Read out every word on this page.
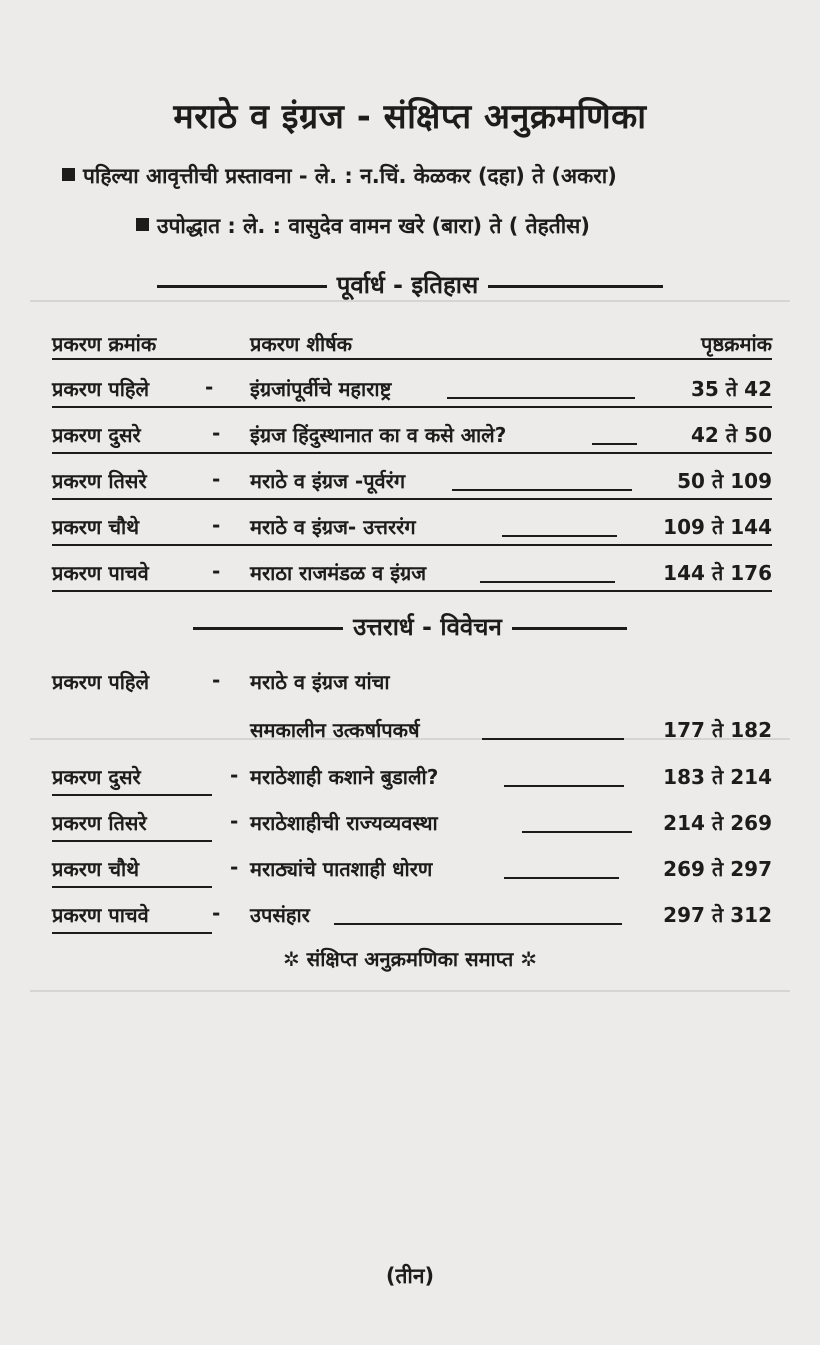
मराठे व इंग्रज - संक्षिप्त अनुक्रमणिका
पहिल्या आवृत्तीची प्रस्तावना - ले. : न.चिं. केळकर (दहा) ते (अकरा)
उपोद्धात : ले. : वासुदेव वामन खरे (बारा) ते ( तेहतीस)
पूर्वार्ध - इतिहास
प्रकरण क्रमांक	प्रकरण शीर्षक	पृष्ठक्रमांक
प्रकरण पहिले	- इंग्रजांपूर्वीचे महाराष्ट्र	35 ते 42
प्रकरण दुसरे	- इंग्रज हिंदुस्थानात का व कसे आले?	42 ते 50
प्रकरण तिसरे	- मराठे व इंग्रज -पूर्वरंग	50 ते 109
प्रकरण चौथे	- मराठे व इंग्रज- उत्तररंग	109 ते 144
प्रकरण पाचवे	- मराठा राजमंडळ व इंग्रज	144 ते 176
उत्तरार्ध - विवेचन
प्रकरण पहिले	- मराठे व इंग्रज यांचा
समकालीन उत्कर्षापकर्ष	177 ते 182
प्रकरण दुसरे	- मराठेशाही कशाने बुडाली?	183 ते 214
प्रकरण तिसरे	- मराठेशाहीची राज्यव्यवस्था	214 ते 269
प्रकरण चौथे	- मराठ्यांचे पातशाही धोरण	269 ते 297
प्रकरण पाचवे	- उपसंहार	297 ते 312
✲ संक्षिप्त अनुक्रमणिका समाप्त ✲
(तीन)
